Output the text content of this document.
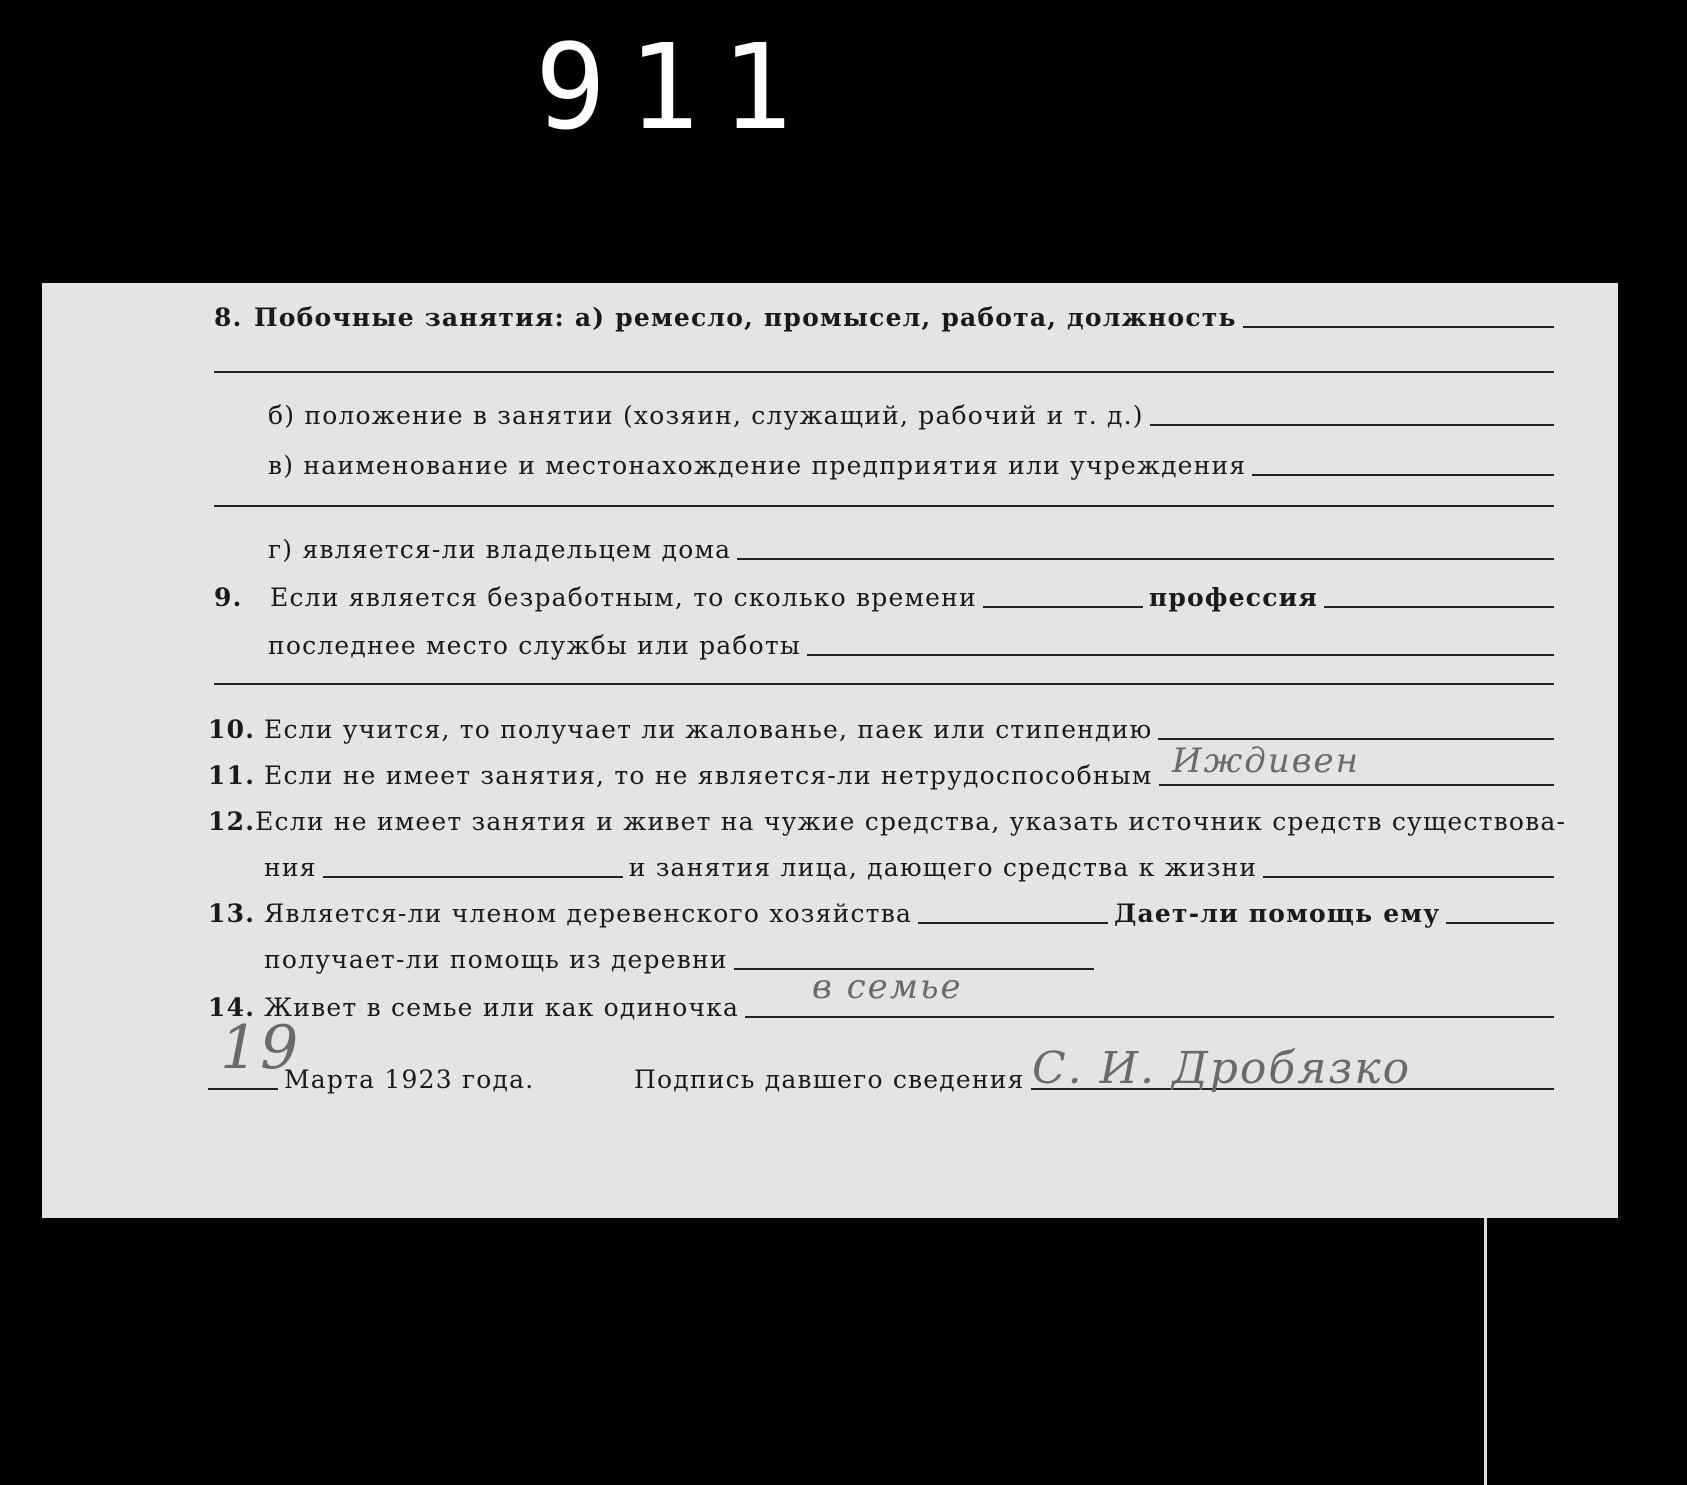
911
8. Побочные занятия: а) ремесло, промысел, работа, должность
б) положение в занятии (хозяин, служащий, рабочий и т. д.)
в) наименование и местонахождение предприятия или учреждения
г) является-ли владельцем дома
9.	Если является безработным, то сколько времени	профессия
последнее место службы или работы
10. Если учится, то получает ли жалованье, паек или стипендию
11. Если не имеет занятия, то не является-ли нетрудоспособным Иждивен
12. Если не имеет занятия и живет на чужие средства, указать источник средств существова-
ния	и занятия лица, дающего средства к жизни
13. Является-ли членом деревенского хозяйства	Дает-ли помощь ему
получает-ли помощь из деревни
14. Живет в семье или как одиночка
в семье
19
Марта 1923 года.	Подпись давшего сведения С. И. Дробязко
